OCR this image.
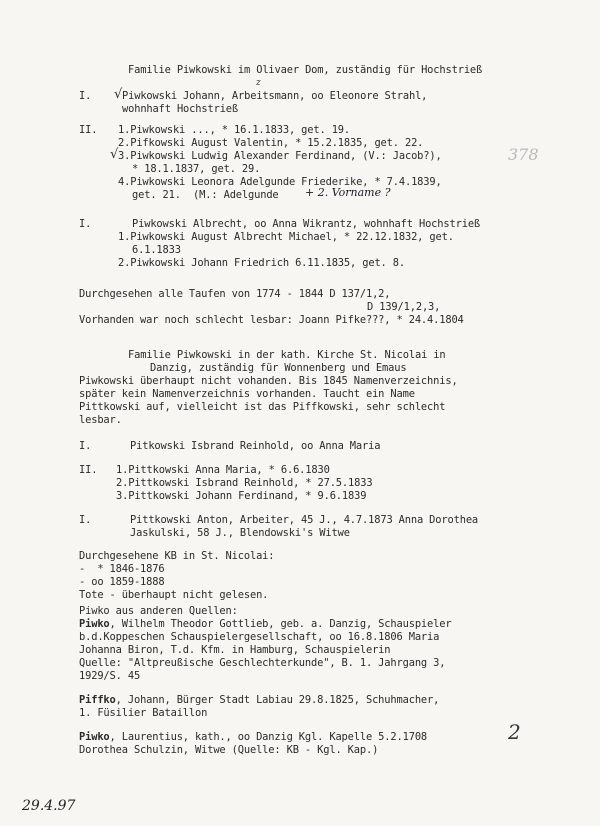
Familie Piwkowski im Olivaer Dom, zuständig für Hochstrieß
I. √ Piwkowski Johann, Arbeitsmann, oo Eleonore Strahl,
z
wohnhaft Hochstrieß
II. 1.Piwkowski ..., * 16.1.1833, get. 19.
2.Pifkowski August Valentin, * 15.2.1835, get. 22.
√ 3.Piwkowski Ludwig Alexander Ferdinand, (V.: Jacob?),	378
* 18.1.1837, get. 29.
4.Piwkowski Leonora Adelgunde Friederike, * 7.4.1839,
get. 21.  (M.: Adelgunde + 2. Vorname ?
I.	Piwkowski Albrecht, oo Anna Wikrantz, wohnhaft Hochstrieß
1.Piwkowski August Albrecht Michael, * 22.12.1832, get.
6.1.1833
2.Piwkowski Johann Friedrich 6.11.1835, get. 8.
Durchgesehen alle Taufen von 1774 - 1844 D 137/1,2,
D 139/1,2,3,
Vorhanden war noch schlecht lesbar: Joann Pifke???, * 24.4.1804
Familie Piwkowski in der kath. Kirche St. Nicolai in
Danzig, zuständig für Wonnenberg und Emaus
Piwkowski überhaupt nicht vohanden. Bis 1845 Namenverzeichnis,
später kein Namenverzeichnis vorhanden. Taucht ein Name
Pittkowski auf, vielleicht ist das Piffkowski, sehr schlecht
lesbar.
I.	Pitkowski Isbrand Reinhold, oo Anna Maria
II. 1.Pittkowski Anna Maria, * 6.6.1830
2.Pittkowski Isbrand Reinhold, * 27.5.1833
3.Pittkowski Johann Ferdinand, * 9.6.1839
I.	Pittkowski Anton, Arbeiter, 45 J., 4.7.1873 Anna Dorothea
Jaskulski, 58 J., Blendowski's Witwe
Durchgesehene KB in St. Nicolai:
-  * 1846-1876
- oo 1859-1888
Tote - überhaupt nicht gelesen.
Piwko aus anderen Quellen:
Piwko, Wilhelm Theodor Gottlieb, geb. a. Danzig, Schauspieler
b.d.Koppeschen Schauspielergesellschaft, oo 16.8.1806 Maria
Johanna Biron, T.d. Kfm. in Hamburg, Schauspielerin
Quelle: "Altpreußische Geschlechterkunde", B. 1. Jahrgang 3,
1929/S. 45
Piffko, Johann, Bürger Stadt Labiau 29.8.1825, Schuhmacher,
1. Füsilier Bataillon
Piwko, Laurentius, kath., oo Danzig Kgl. Kapelle 5.2.1708
Dorothea Schulzin, Witwe (Quelle: KB - Kgl. Kap.)
2
29.4.97
